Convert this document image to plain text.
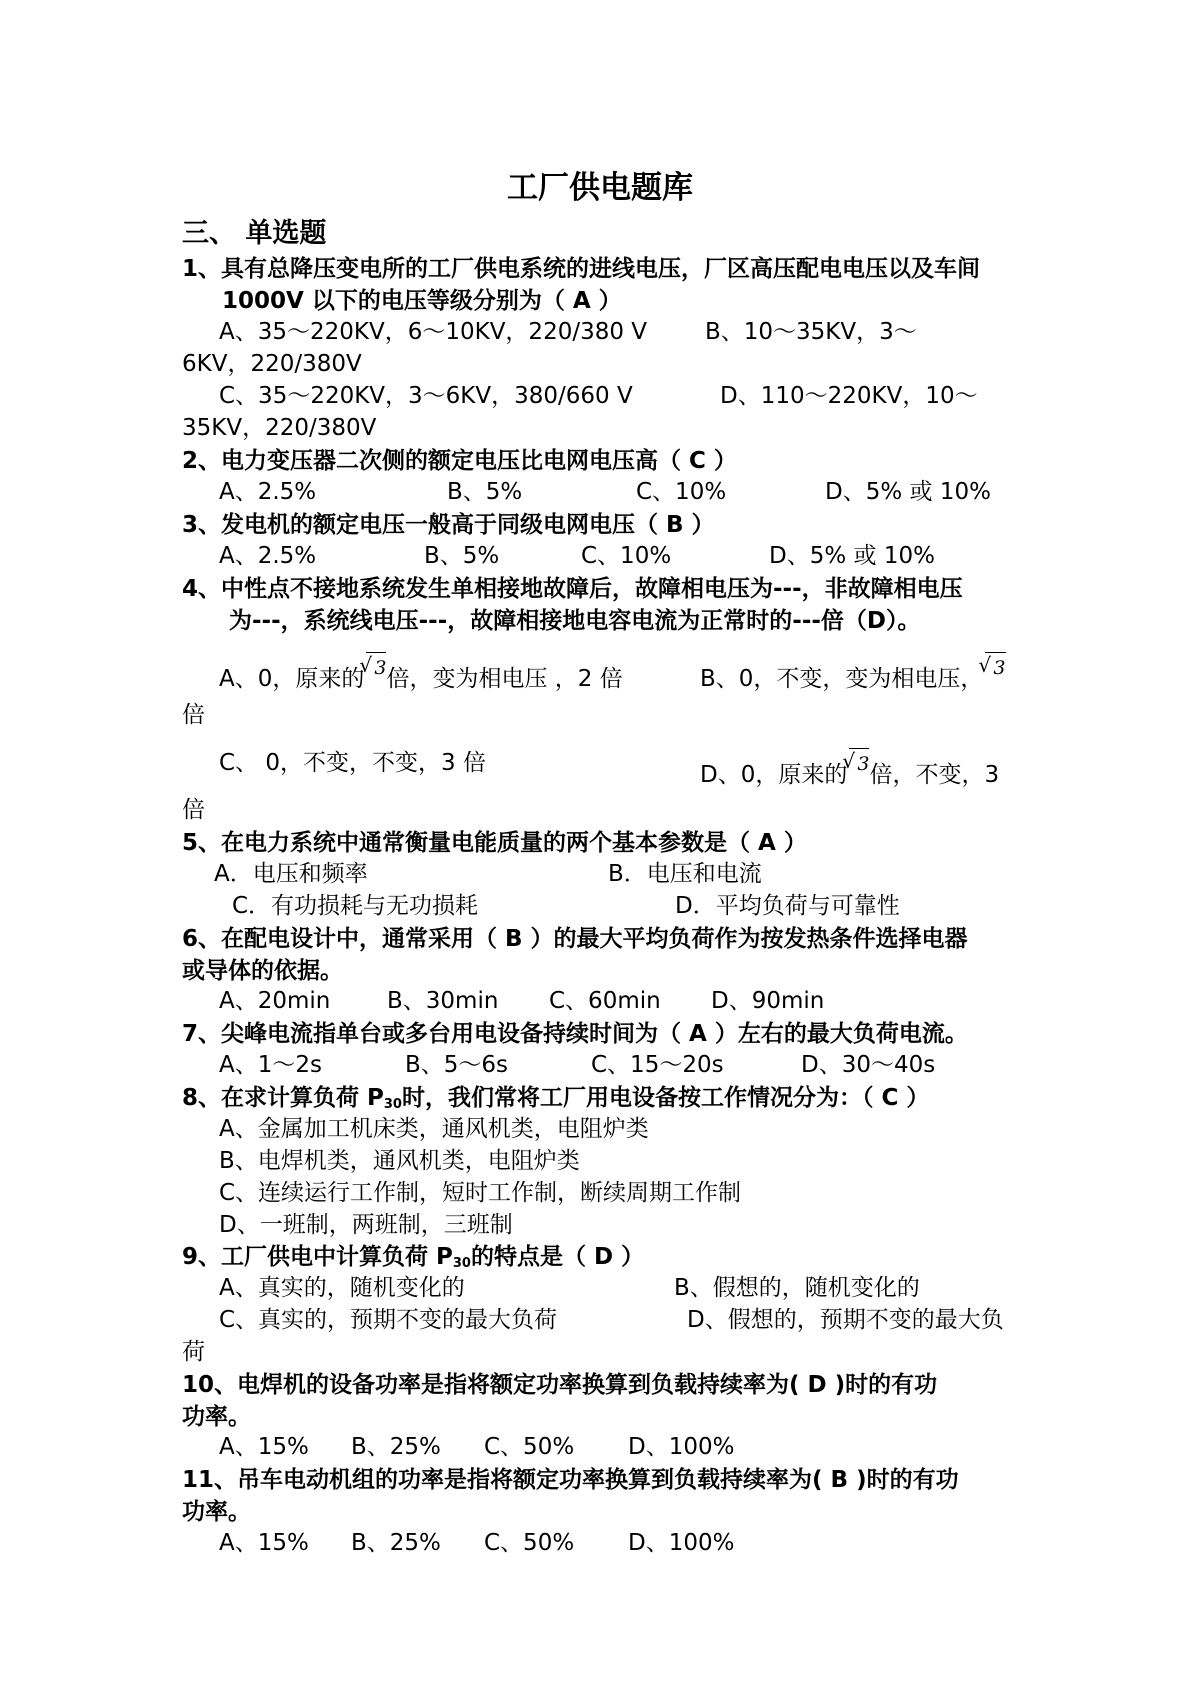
工厂供电题库
三、 单选题
1、具有总降压变电所的工厂供电系统的进线电压，厂区高压配电电压以及车间
1000V 以下的电压等级分别为（ A ）
A、35～220KV，6～10KV，220/380 V	B、10～35KV，3～
6KV，220/380V
C、35～220KV，3～6KV，380/660 V	D、110～220KV，10～
35KV，220/380V
2、电力变压器二次侧的额定电压比电网电压高（ C ）
A、2.5%	B、5%	C、10%	D、5% 或 10%
3、发电机的额定电压一般高于同级电网电压（ B ）
A、2.5%	B、5%	C、10%	D、5% 或 10%
4、中性点不接地系统发生单相接地故障后，故障相电压为---，非故障相电压
为---，系统线电压---，故障相接地电容电流为正常时的---倍（D）。
A、0，原来的 √ 3倍，变为相电压 ，2 倍	B、0，不变，变为相电压， √ 3
倍
C、 0，不变，不变，3 倍	D、0，原来的 √ 3倍，不变，3
倍
5、在电力系统中通常衡量电能质量的两个基本参数是（ A ）
A．电压和频率	B．电压和电流
C．有功损耗与无功损耗	D．平均负荷与可靠性
6、在配电设计中，通常采用（ B ）的最大平均负荷作为按发热条件选择电器
或导体的依据。
A、20min B、30min C、60min D、90min
7、尖峰电流指单台或多台用电设备持续时间为（ A ）左右的最大负荷电流。
A、1～2s	B、5～6s	C、15～20s	D、30～40s
8、在求计算负荷 $P_{30}$时，我们常将工厂用电设备按工作情况分为：（ C ）
A、金属加工机床类，通风机类，电阻炉类
B、电焊机类，通风机类，电阻炉类
C、连续运行工作制，短时工作制，断续周期工作制
D、一班制，两班制，三班制
9、工厂供电中计算负荷 $P_{30}$的特点是（ D ）
A、真实的，随机变化的	B、假想的，随机变化的
C、真实的，预期不变的最大负荷	D、假想的，预期不变的最大负
荷
10、电焊机的设备功率是指将额定功率换算到负载持续率为( D )时的有功
功率。
A、15% B、25% C、50% D、100%
11、吊车电动机组的功率是指将额定功率换算到负载持续率为( B )时的有功
功率。
A、15% B、25% C、50% D、100%
